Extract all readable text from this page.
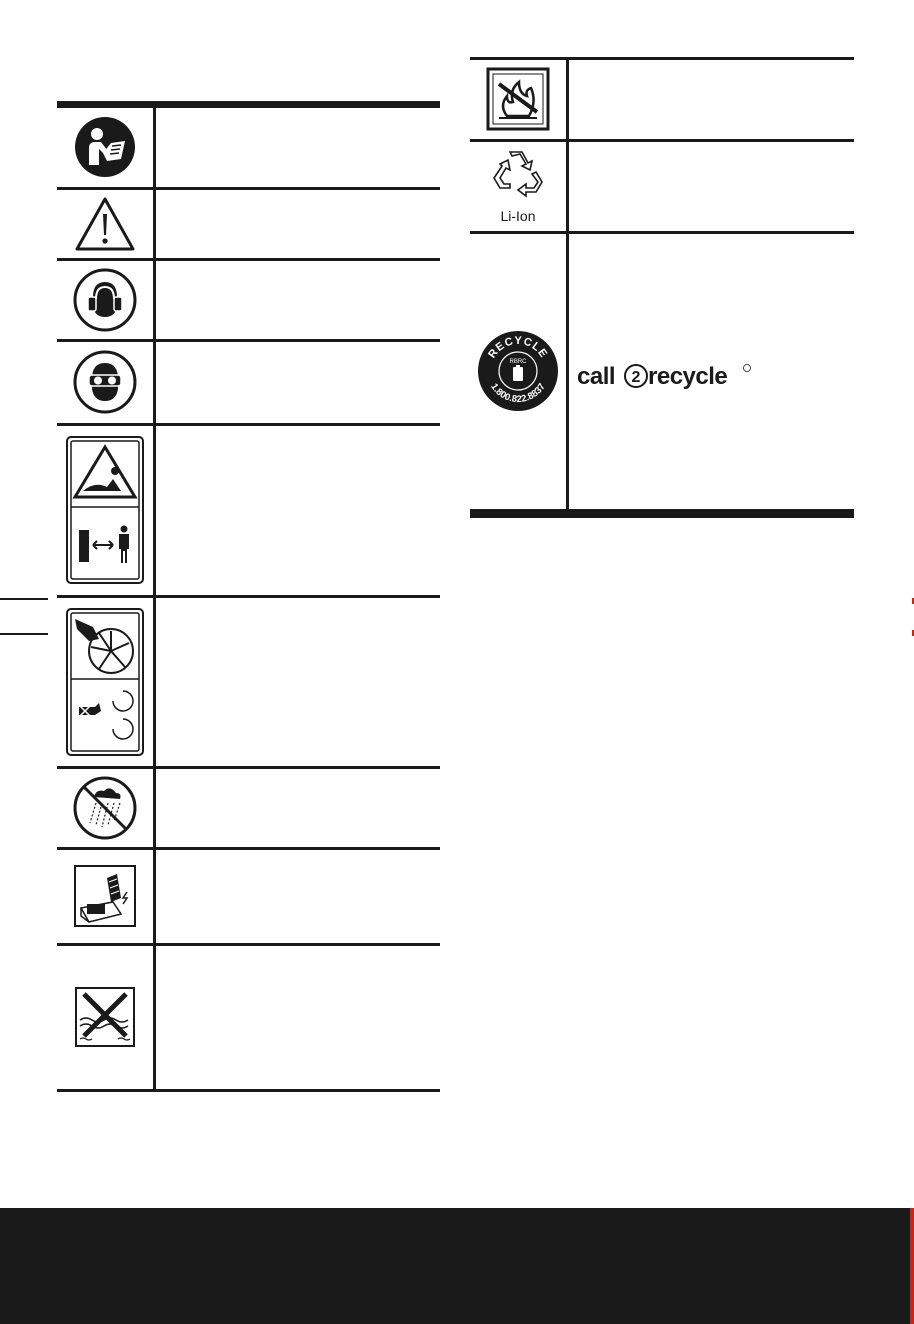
Li-Ion	

RECYCLE
1.800.822.8837
RBRC	call 2 recycle
